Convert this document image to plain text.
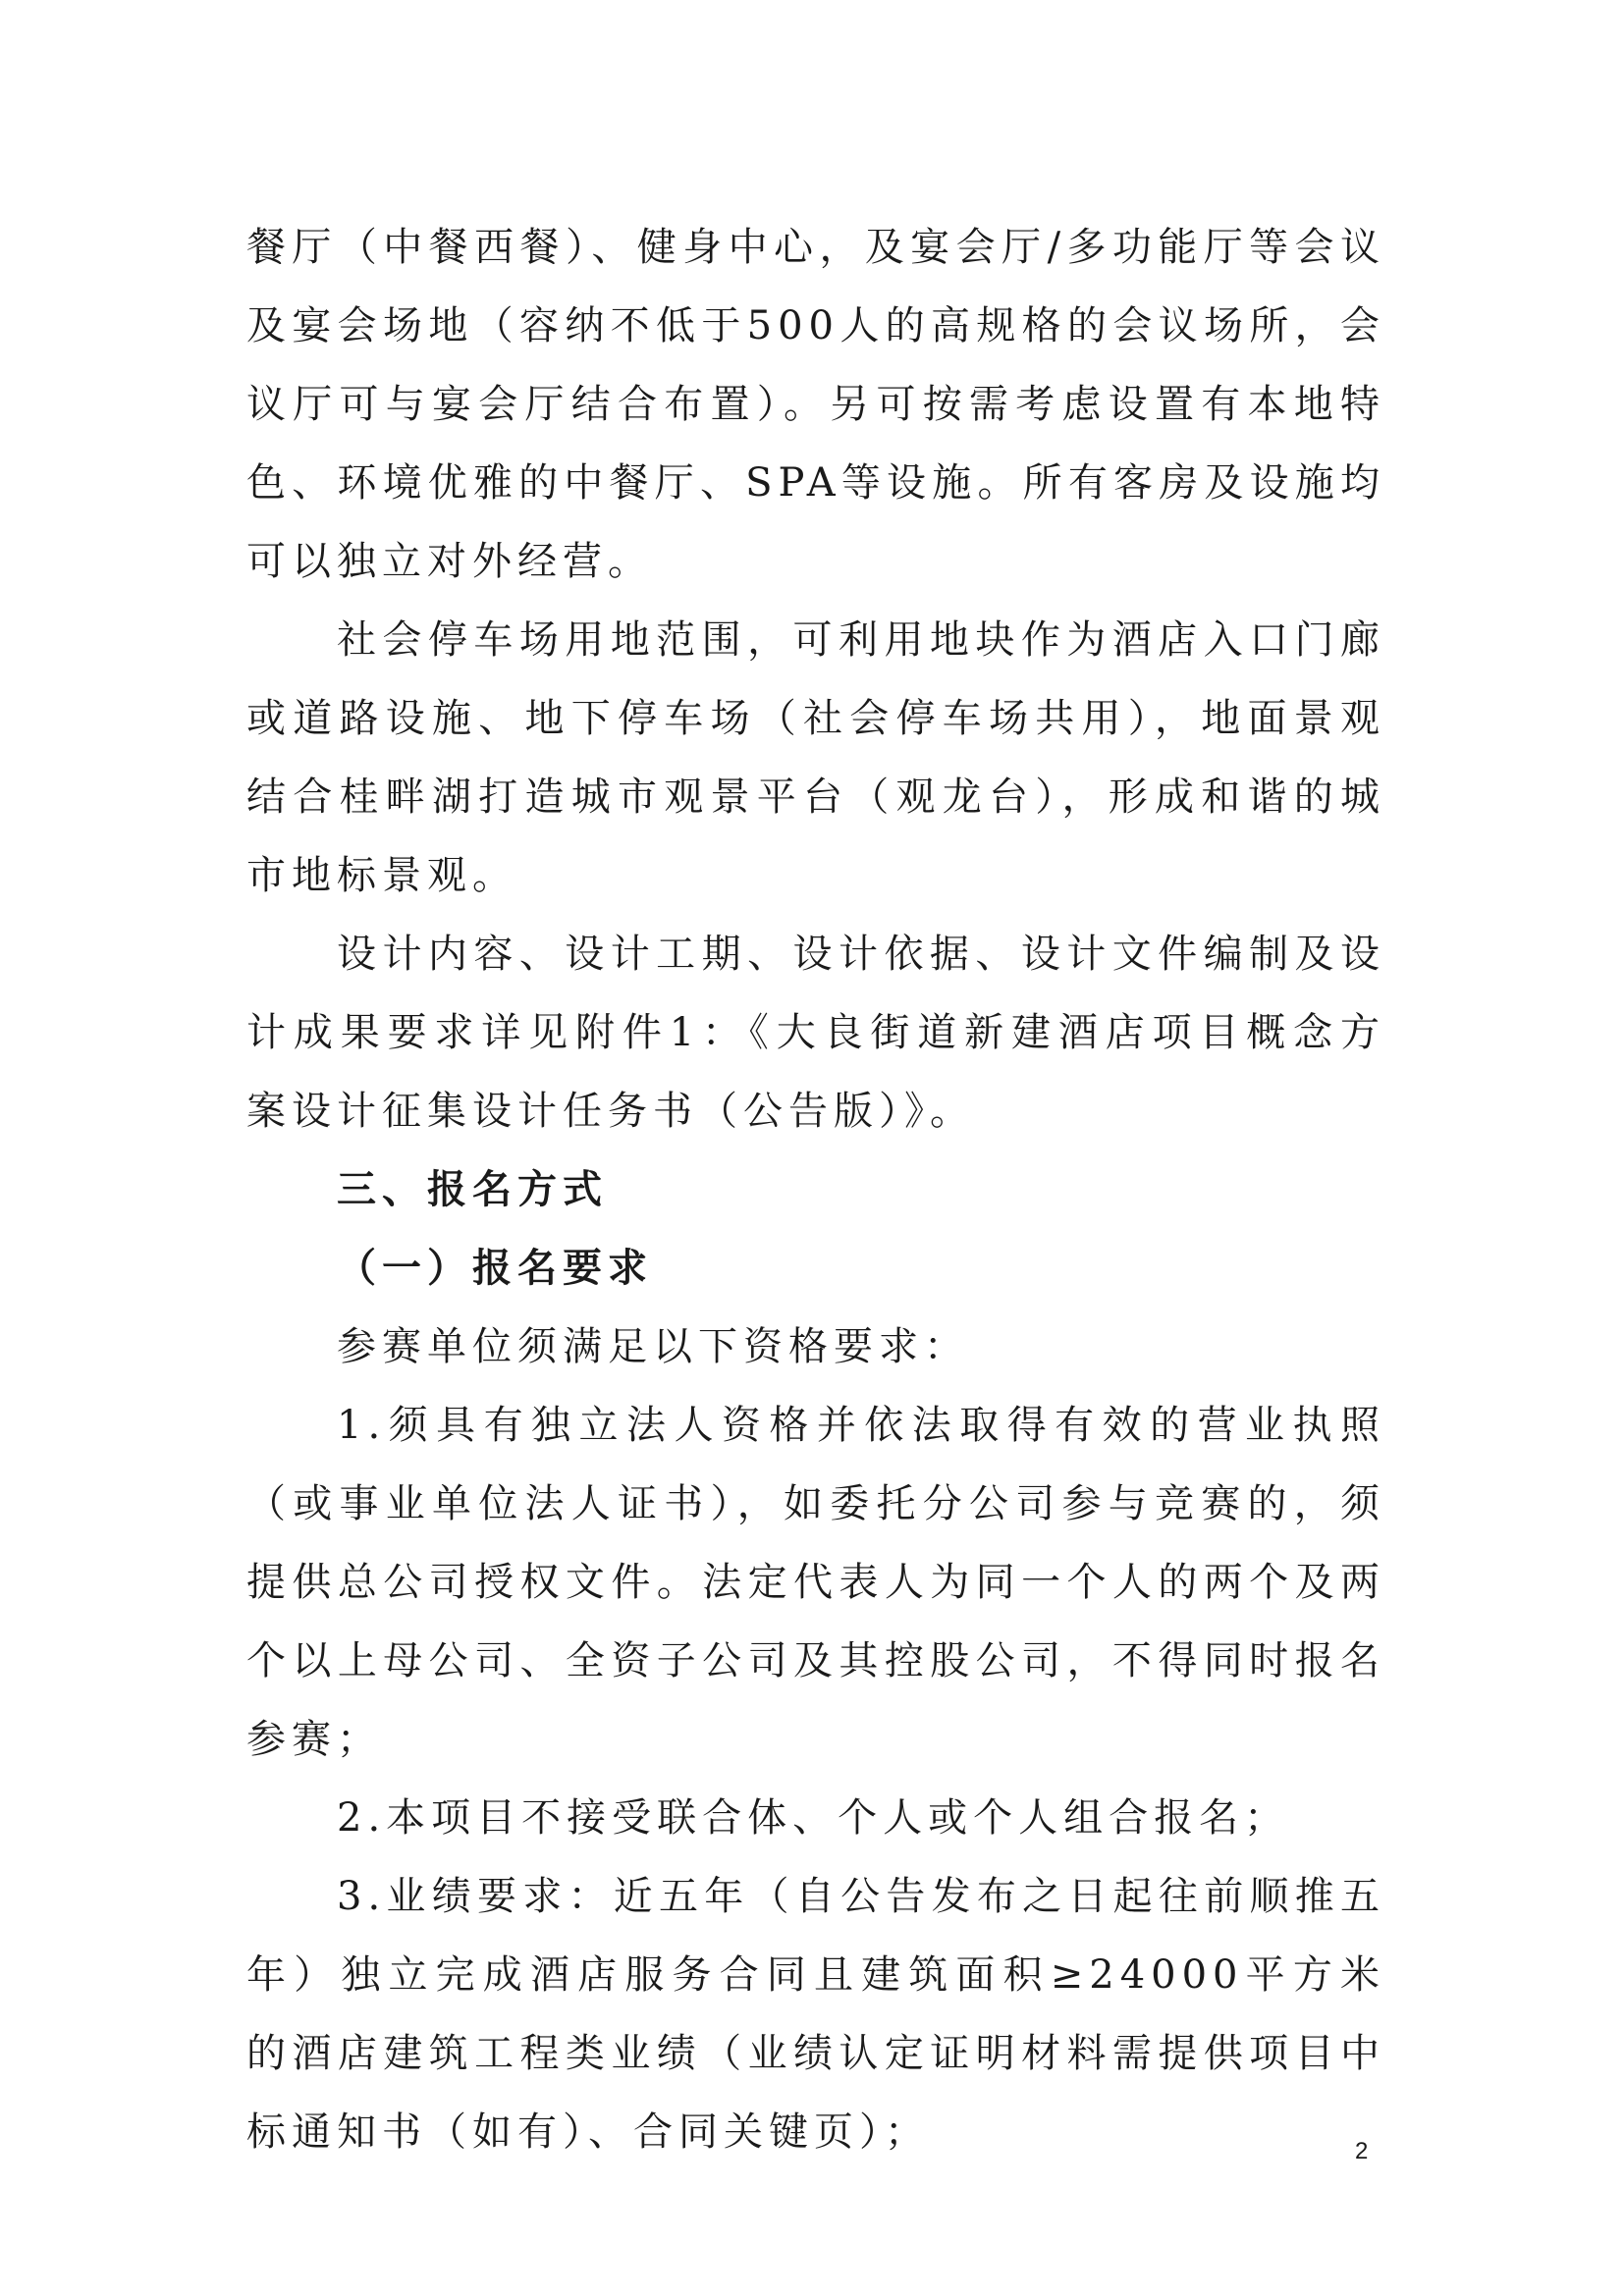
餐厅（中餐西餐）、健身中心，及宴会厅/多功能厅等会议及宴会场地（容纳不低于500人的高规格的会议场所，会议厅可与宴会厅结合布置）。另可按需考虑设置有本地特色、环境优雅的中餐厅、SPA等设施。所有客房及设施均可以独立对外经营。

社会停车场用地范围，可利用地块作为酒店入口门廊或道路设施、地下停车场（社会停车场共用），地面景观结合桂畔湖打造城市观景平台（观龙台），形成和谐的城市地标景观。

设计内容、设计工期、设计依据、设计文件编制及设计成果要求详见附件1：《大良街道新建酒店项目概念方案设计征集设计任务书（公告版）》。

三、报名方式

（一）报名要求

参赛单位须满足以下资格要求：

1.须具有独立法人资格并依法取得有效的营业执照（或事业单位法人证书），如委托分公司参与竞赛的，须提供总公司授权文件。法定代表人为同一个人的两个及两个以上母公司、全资子公司及其控股公司，不得同时报名参赛；

2.本项目不接受联合体、个人或个人组合报名；

3.业绩要求：近五年（自公告发布之日起往前顺推五年）独立完成酒店服务合同且建筑面积≥24000平方米的酒店建筑工程类业绩（业绩认定证明材料需提供项目中标通知书（如有）、合同关键页）；	2
